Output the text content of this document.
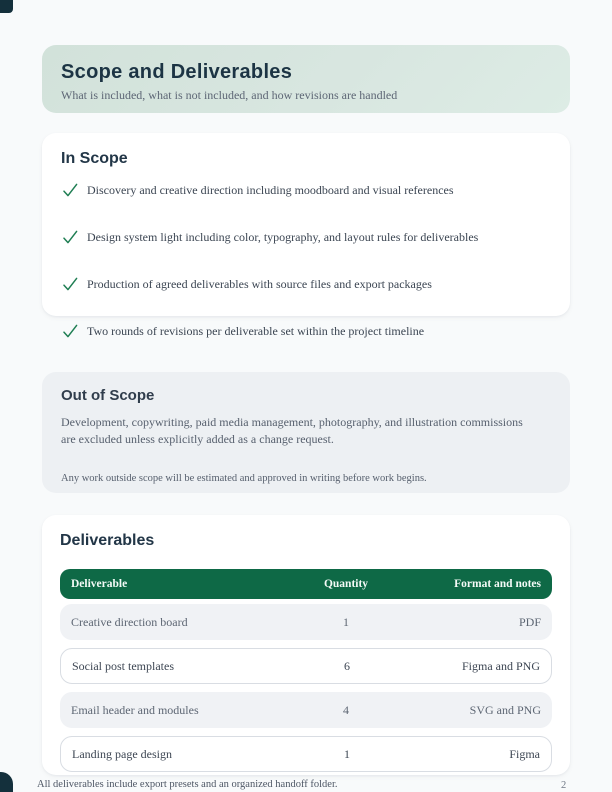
Scope and Deliverables
What is included, what is not included, and how revisions are handled
In Scope
Discovery and creative direction including moodboard and visual references
Design system light including color, typography, and layout rules for deliverables
Production of agreed deliverables with source files and export packages
Two rounds of revisions per deliverable set within the project timeline
Out of Scope
Development, copywriting, paid media management, photography, and illustration commissions are excluded unless explicitly added as a change request.
Any work outside scope will be estimated and approved in writing before work begins.
Deliverables
Deliverable	Quantity	Format and notes
Creative direction board	1	PDF
Social post templates	6	Figma and PNG
Email header and modules	4	SVG and PNG
Landing page design	1	Figma
All deliverables include export presets and an organized handoff folder.	2
